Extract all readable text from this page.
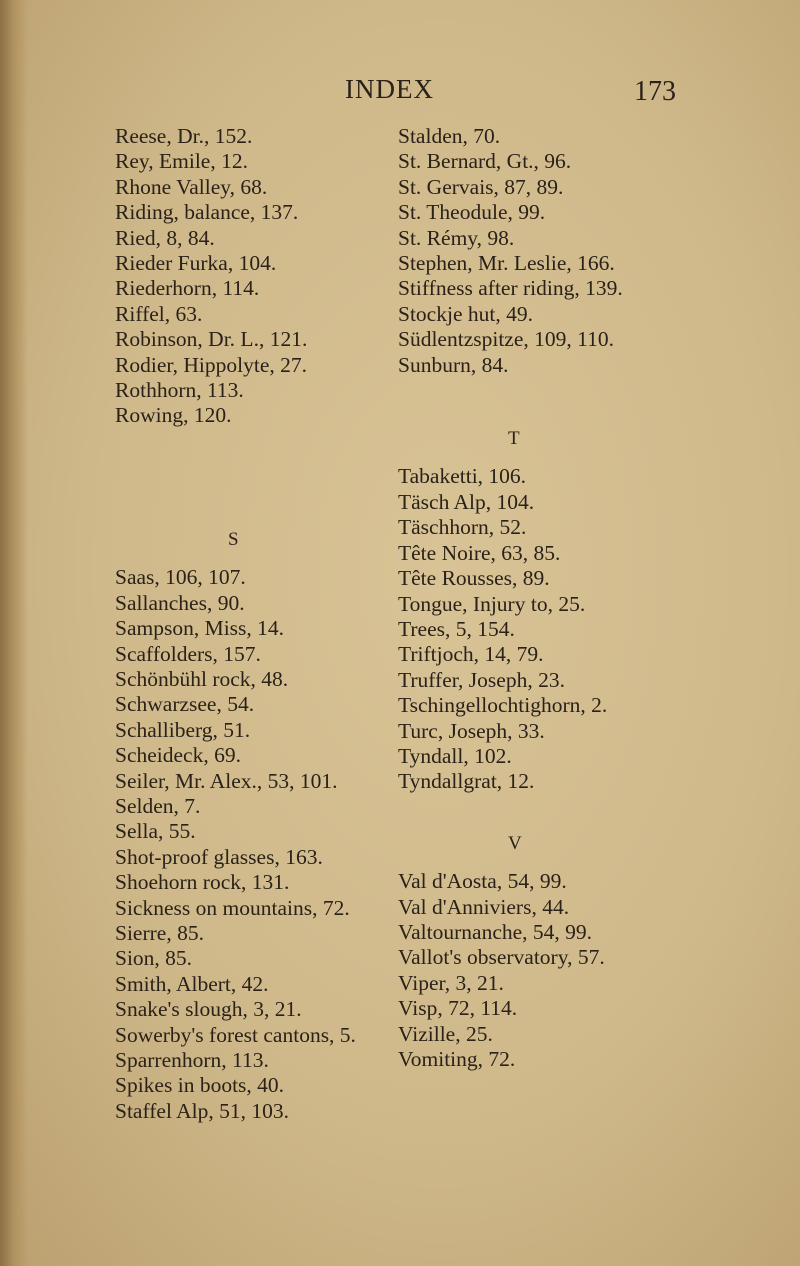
INDEX	173
Reese, Dr., 152.
Rey, Emile, 12.
Rhone Valley, 68.
Riding, balance, 137.
Ried, 8, 84.
Rieder Furka, 104.
Riederhorn, 114.
Riffel, 63.
Robinson, Dr. L., 121.
Rodier, Hippolyte, 27.
Rothhorn, 113.
Rowing, 120.
S
Saas, 106, 107.
Sallanches, 90.
Sampson, Miss, 14.
Scaffolders, 157.
Schönbühl rock, 48.
Schwarzsee, 54.
Schalliberg, 51.
Scheideck, 69.
Seiler, Mr. Alex., 53, 101.
Selden, 7.
Sella, 55.
Shot-proof glasses, 163.
Shoehorn rock, 131.
Sickness on mountains, 72.
Sierre, 85.
Sion, 85.
Smith, Albert, 42.
Snake's slough, 3, 21.
Sowerby's forest cantons, 5.
Sparrenhorn, 113.
Spikes in boots, 40.
Staffel Alp, 51, 103.
Stalden, 70.
St. Bernard, Gt., 96.
St. Gervais, 87, 89.
St. Theodule, 99.
St. Rémy, 98.
Stephen, Mr. Leslie, 166.
Stiffness after riding, 139.
Stockje hut, 49.
Südlentzspitze, 109, 110.
Sunburn, 84.
T
Tabaketti, 106.
Täsch Alp, 104.
Täschhorn, 52.
Tête Noire, 63, 85.
Tête Rousses, 89.
Tongue, Injury to, 25.
Trees, 5, 154.
Triftjoch, 14, 79.
Truffer, Joseph, 23.
Tschingellochtighorn, 2.
Turc, Joseph, 33.
Tyndall, 102.
Tyndallgrat, 12.
V
Val d'Aosta, 54, 99.
Val d'Anniviers, 44.
Valtournanche, 54, 99.
Vallot's observatory, 57.
Viper, 3, 21.
Visp, 72, 114.
Vizille, 25.
Vomiting, 72.
